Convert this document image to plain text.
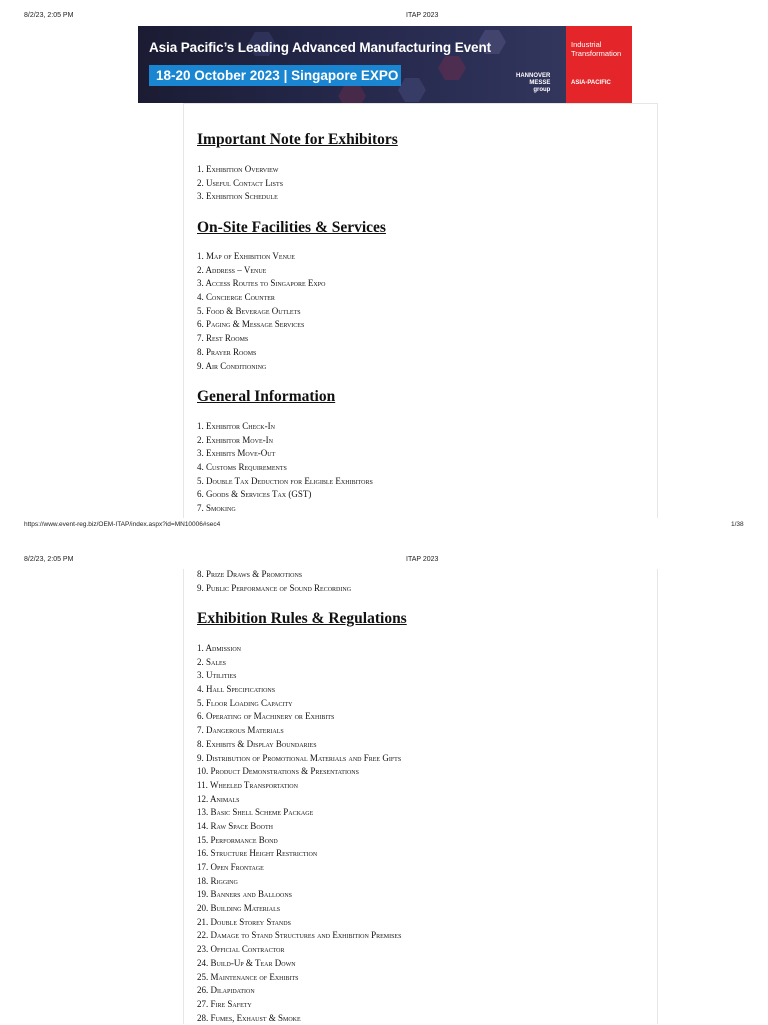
8/2/23, 2:05 PM	ITAP 2023
Asia Pacific’s Leading Advanced Manufacturing Event
18-20 October 2023 | Singapore EXPO	HANNOVER
MESSE
group
Industrial
Transformation
ASIA-PACIFIC
Important Note for Exhibitors
1. Exhibition Overview
2. Useful Contact Lists
3. Exhibition Schedule
On-Site Facilities & Services
1. Map of Exhibition Venue
2. Address – Venue
3. Access Routes to Singapore Expo
4. Concierge Counter
5. Food & Beverage Outlets
6. Paging & Message Services
7. Rest Rooms
8. Prayer Rooms
9. Air Conditioning
General Information
1. Exhibitor Check-In
2. Exhibitor Move-In
3. Exhibits Move-Out
4. Customs Requirements
5. Double Tax Deduction for Eligible Exhibitors
6. Goods & Services Tax (GST)
7. Smoking
https://www.event-reg.biz/OEM-ITAP/index.aspx?id=MN10006#sec4	1/38
8/2/23, 2:05 PM	ITAP 2023
8. Prize Draws & Promotions
9. Public Performance of Sound Recording
Exhibition Rules & Regulations
1. Admission
2. Sales
3. Utilities
4. Hall Specifications
5. Floor Loading Capacity
6. Operating of Machinery or Exhibits
7. Dangerous Materials
8. Exhibits & Display Boundaries
9. Distribution of Promotional Materials and Free Gifts
10. Product Demonstrations & Presentations
11. Wheeled Transportation
12. Animals
13. Basic Shell Scheme Package
14. Raw Space Booth
15. Performance Bond
16. Structure Height Restriction
17. Open Frontage
18. Rigging
19. Banners and Balloons
20. Building Materials
21. Double Storey Stands
22. Damage to Stand Structures and Exhibition Premises
23. Official Contractor
24. Build-Up & Tear Down
25. Maintenance of Exhibits
26. Dilapidation
27. Fire Safety
28. Fumes, Exhaust & Smoke
